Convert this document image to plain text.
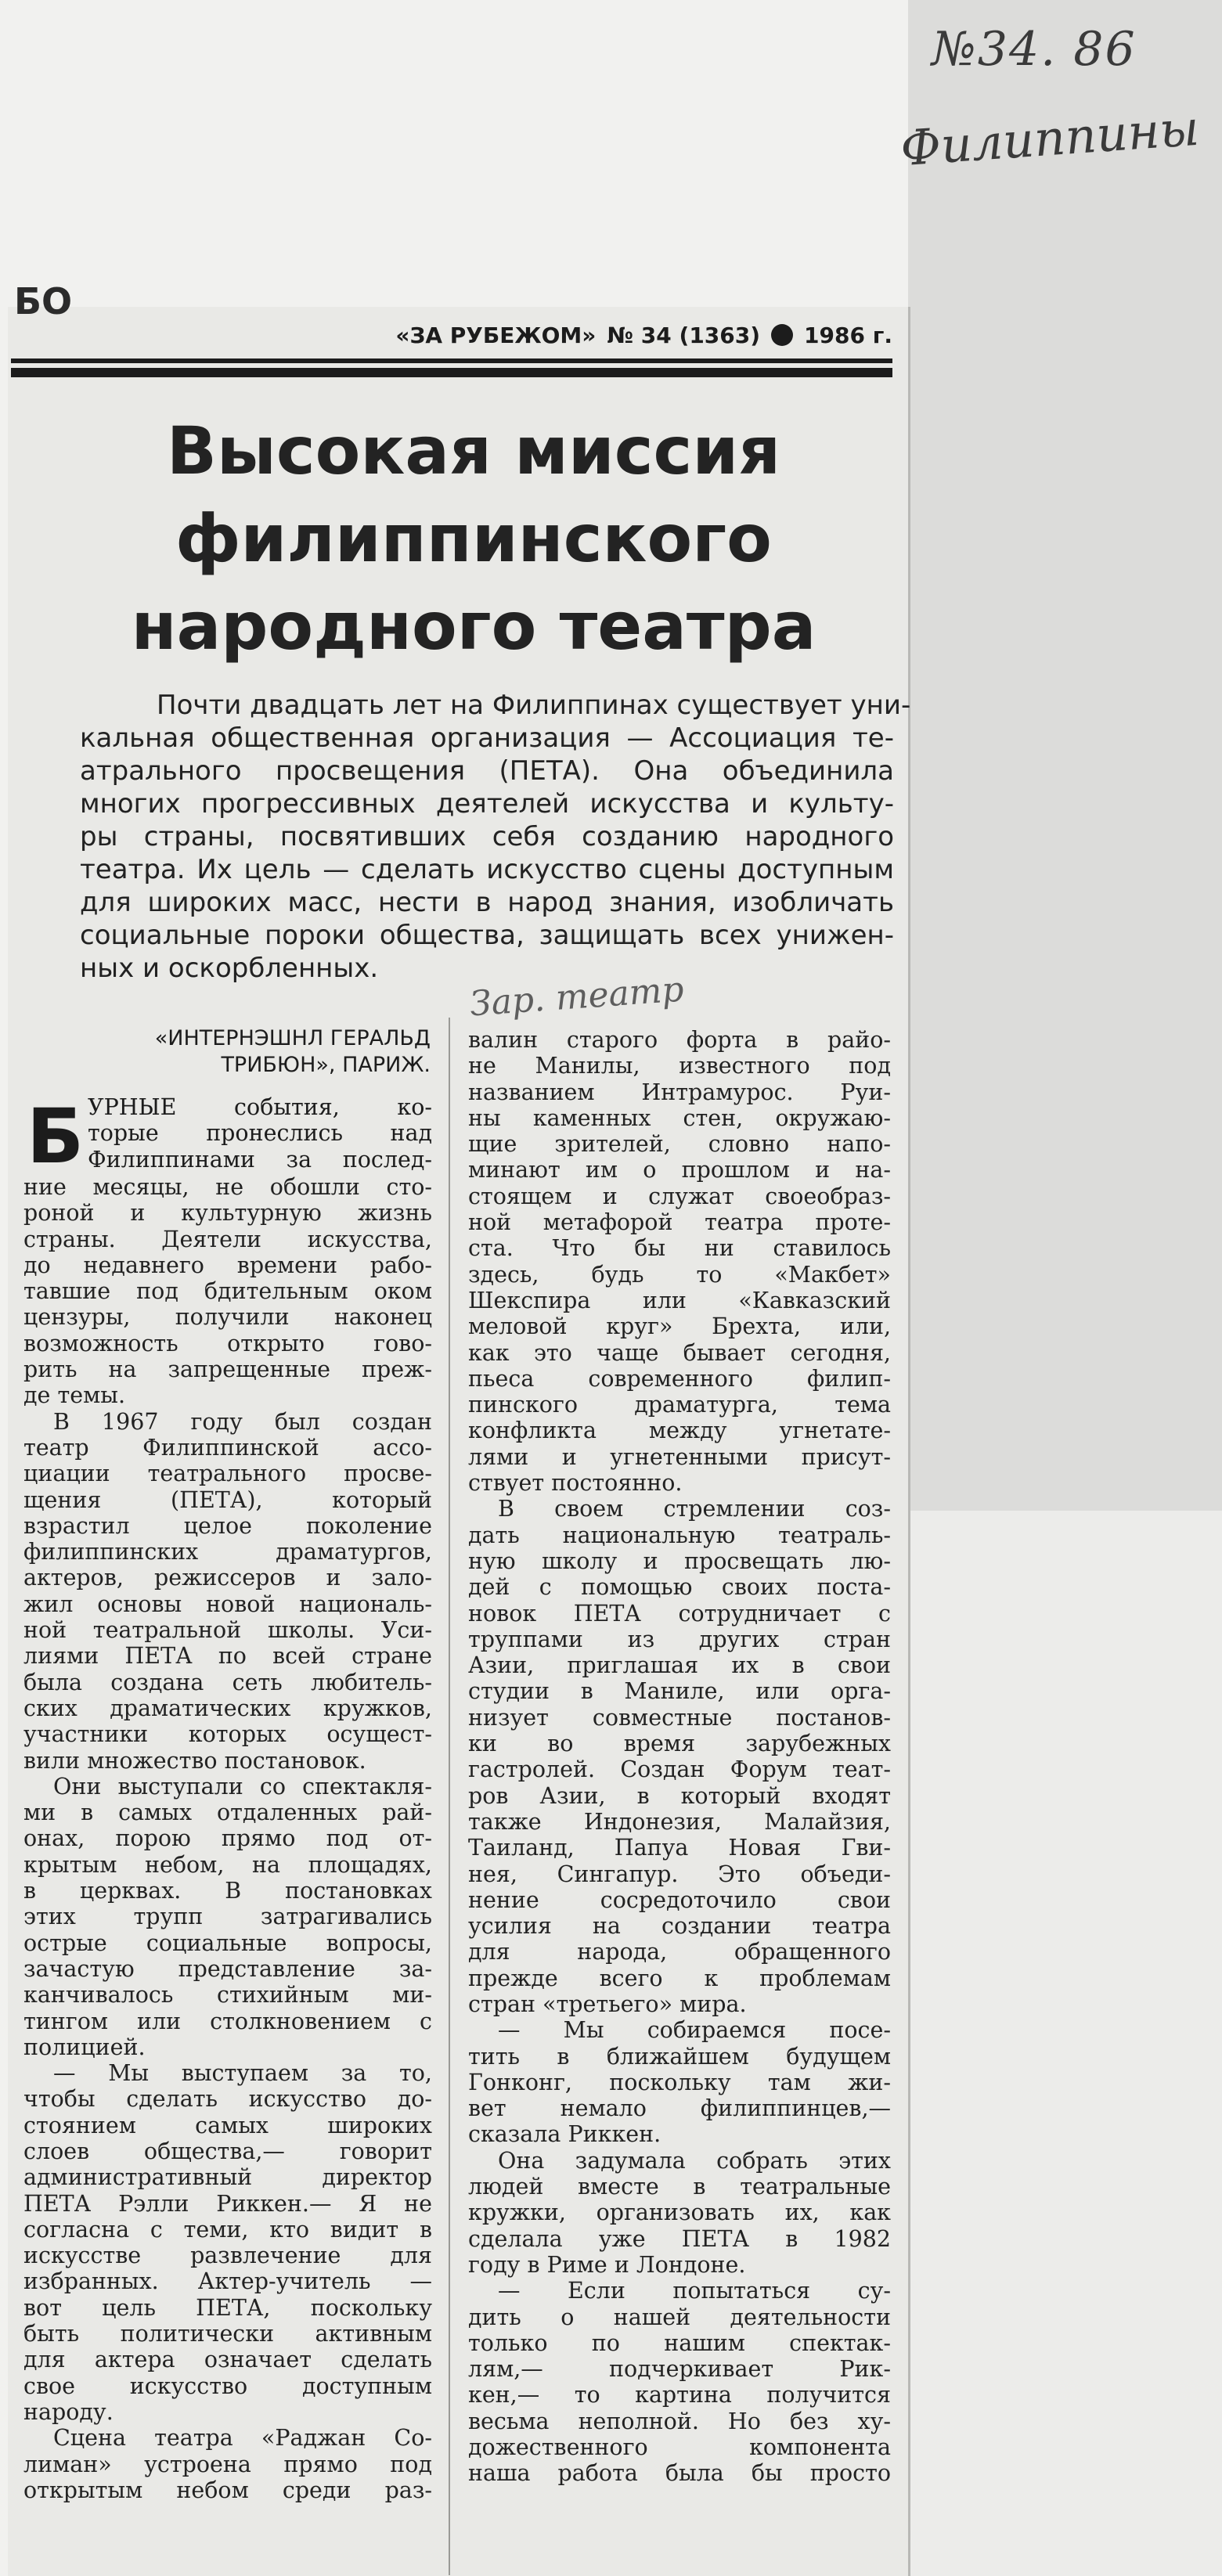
№34. 86
Филиппины
БО
«ЗА РУБЕЖОМ» № 34 (1363) 1986 г.
Высокая миссия
филиппинского
народного театра
Почти двадцать лет на Филиппинах существует уни-
кальная общественная организация — Ассоциация те-
атрального просвещения (ПЕТА). Она объединила
многих прогрессивных деятелей искусства и культу-
ры страны, посвятивших себя созданию народного
театра. Их цель — сделать искусство сцены доступным
для широких масс, нести в народ знания, изобличать
социальные пороки общества, защищать всех унижен-
ных и оскорбленных.
Зар. театр
«ИНТЕРНЭШНЛ ГЕРАЛЬД
ТРИБЮН», ПАРИЖ.
Б УРНЫЕ события, ко-
торые пронеслись над
Филиппинами за послед-
ние месяцы, не обошли сто-
роной и культурную жизнь
страны. Деятели искусства,
до недавнего времени рабо-
тавшие под бдительным оком
цензуры, получили наконец
возможность открыто гово-
рить на запрещенные преж-
де темы.
В 1967 году был создан
театр Филиппинской ассо-
циации театрального просве-
щения (ПЕТА), который
взрастил целое поколение
филиппинских драматургов,
актеров, режиссеров и зало-
жил основы новой националь-
ной театральной школы. Уси-
лиями ПЕТА по всей стране
была создана сеть любитель-
ских драматических кружков,
участники которых осущест-
вили множество постановок.
Они выступали со спектакля-
ми в самых отдаленных рай-
онах, порою прямо под от-
крытым небом, на площадях,
в церквах. В постановках
этих трупп затрагивались
острые социальные вопросы,
зачастую представление за-
канчивалось стихийным ми-
тингом или столкновением с
полицией.
— Мы выступаем за то,
чтобы сделать искусство до-
стоянием самых широких
слоев общества,— говорит
административный директор
ПЕТА Рэлли Риккен.— Я не
согласна с теми, кто видит в
искусстве развлечение для
избранных. Актер-учитель —
вот цель ПЕТА, поскольку
быть политически активным
для актера означает сделать
свое искусство доступным
народу.
Сцена театра «Раджан Со-
лиман» устроена прямо под
открытым небом среди раз-
валин старого форта в райо-
не Манилы, известного под
названием Интрамурос. Руи-
ны каменных стен, окружаю-
щие зрителей, словно напо-
минают им о прошлом и на-
стоящем и служат своеобраз-
ной метафорой театра проте-
ста. Что бы ни ставилось
здесь, будь то «Макбет»
Шекспира или «Кавказский
меловой круг» Брехта, или,
как это чаще бывает сегодня,
пьеса современного филип-
пинского драматурга, тема
конфликта между угнетате-
лями и угнетенными присут-
ствует постоянно.
В своем стремлении соз-
дать национальную театраль-
ную школу и просвещать лю-
дей с помощью своих поста-
новок ПЕТА сотрудничает с
труппами из других стран
Азии, приглашая их в свои
студии в Маниле, или орга-
низует совместные постанов-
ки во время зарубежных
гастролей. Создан Форум теат-
ров Азии, в который входят
также Индонезия, Малайзия,
Таиланд, Папуа Новая Гви-
нея, Сингапур. Это объеди-
нение сосредоточило свои
усилия на создании театра
для народа, обращенного
прежде всего к проблемам
стран «третьего» мира.
— Мы собираемся посе-
тить в ближайшем будущем
Гонконг, поскольку там жи-
вет немало филиппинцев,—
сказала Риккен.
Она задумала собрать этих
людей вместе в театральные
кружки, организовать их, как
сделала уже ПЕТА в 1982
году в Риме и Лондоне.
— Если попытаться су-
дить о нашей деятельности
только по нашим спектак-
лям,— подчеркивает Рик-
кен,— то картина получится
весьма неполной. Но без ху-
дожественного компонента
наша работа была бы просто
